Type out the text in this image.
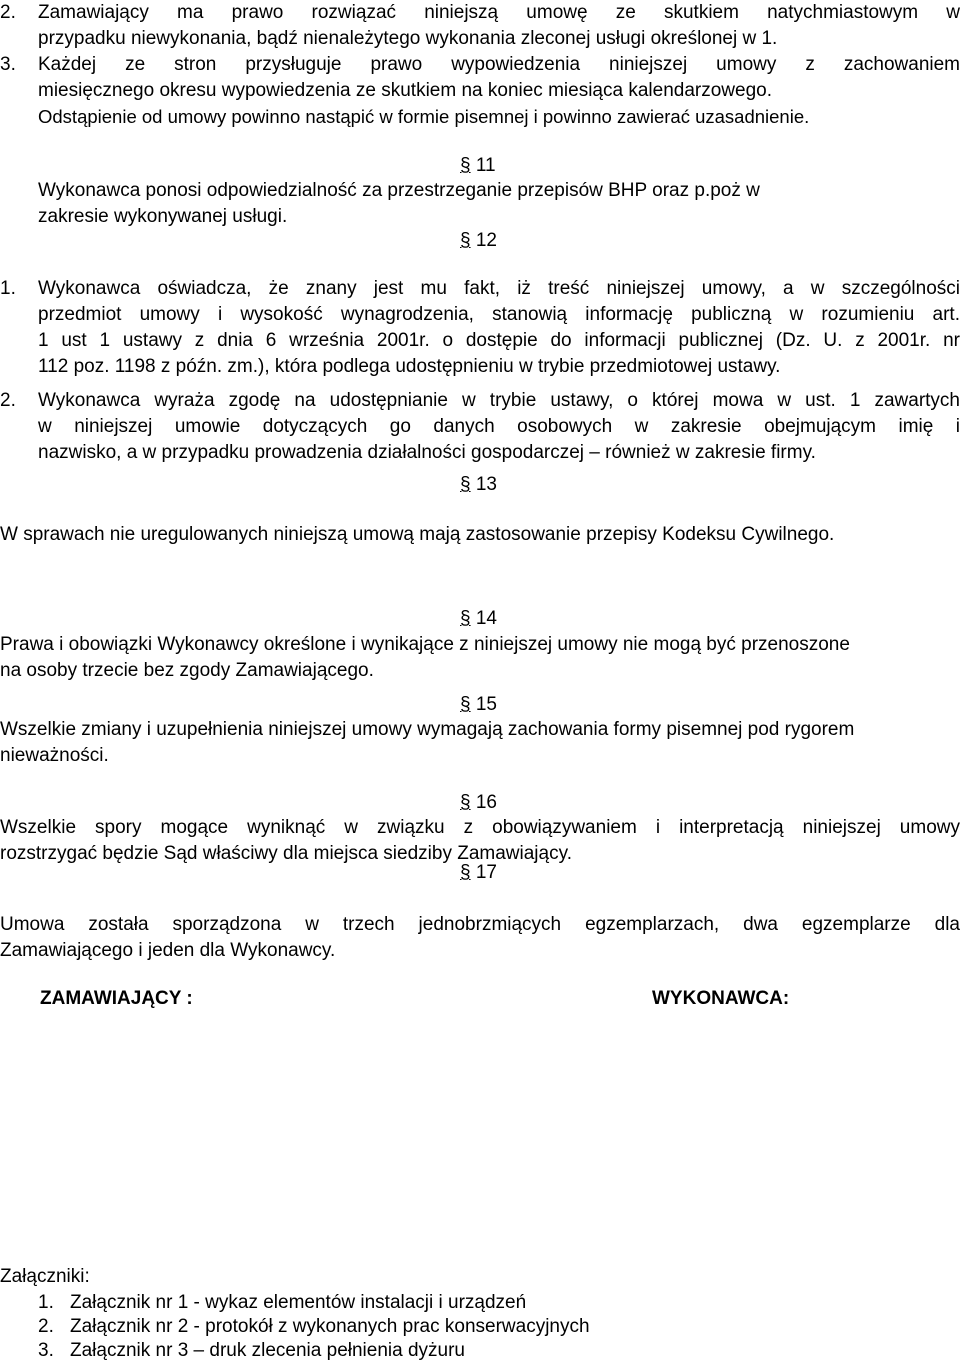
2. Zamawiający ma prawo rozwiązać niniejszą umowę ze skutkiem natychmiastowym w
przypadku niewykonania, bądź nienależytego wykonania zleconej usługi określonej w 1.
3. Każdej ze stron przysługuje prawo wypowiedzenia niniejszej umowy z zachowaniem
miesięcznego okresu wypowiedzenia ze skutkiem na koniec miesiąca kalendarzowego.
Odstąpienie od umowy powinno nastąpić w formie pisemnej i powinno zawierać uzasadnienie.
§ 11
Wykonawca ponosi odpowiedzialność za przestrzeganie przepisów BHP oraz p.poż w
zakresie wykonywanej usługi.
§ 12
1. Wykonawca oświadcza, że znany jest mu fakt, iż treść niniejszej umowy, a w szczególności
przedmiot umowy i wysokość wynagrodzenia, stanowią informację publiczną w rozumieniu art.
1 ust 1 ustawy z dnia 6 września 2001r. o dostępie do informacji publicznej (Dz. U. z 2001r. nr
112 poz. 1198 z późn. zm.), która podlega udostępnieniu w trybie przedmiotowej ustawy.
2. Wykonawca wyraża zgodę na udostępnianie w trybie ustawy, o której mowa w ust. 1 zawartych
w niniejszej umowie dotyczących go danych osobowych w zakresie obejmującym imię i
nazwisko, a w przypadku prowadzenia działalności gospodarczej – również w zakresie firmy.
§ 13
W sprawach nie uregulowanych niniejszą umową mają zastosowanie przepisy Kodeksu Cywilnego.
§ 14
Prawa i obowiązki Wykonawcy określone i wynikające z niniejszej umowy nie mogą być przenoszone
na osoby trzecie bez zgody Zamawiającego.
§ 15
Wszelkie zmiany i uzupełnienia niniejszej umowy wymagają zachowania formy pisemnej pod rygorem
nieważności.
§ 16
Wszelkie spory mogące wyniknąć w związku z obowiązywaniem i interpretacją niniejszej umowy
rozstrzygać będzie Sąd właściwy dla miejsca siedziby Zamawiający.
§ 17
Umowa została sporządzona w trzech jednobrzmiących egzemplarzach, dwa egzemplarze dla
Zamawiającego i jeden dla Wykonawcy.
ZAMAWIAJĄCY :	WYKONAWCA:
Załączniki:
1. Załącznik nr 1 - wykaz elementów instalacji i urządzeń
2. Załącznik nr 2 - protokół z wykonanych prac konserwacyjnych
3. Załącznik nr 3 – druk zlecenia pełnienia dyżuru
